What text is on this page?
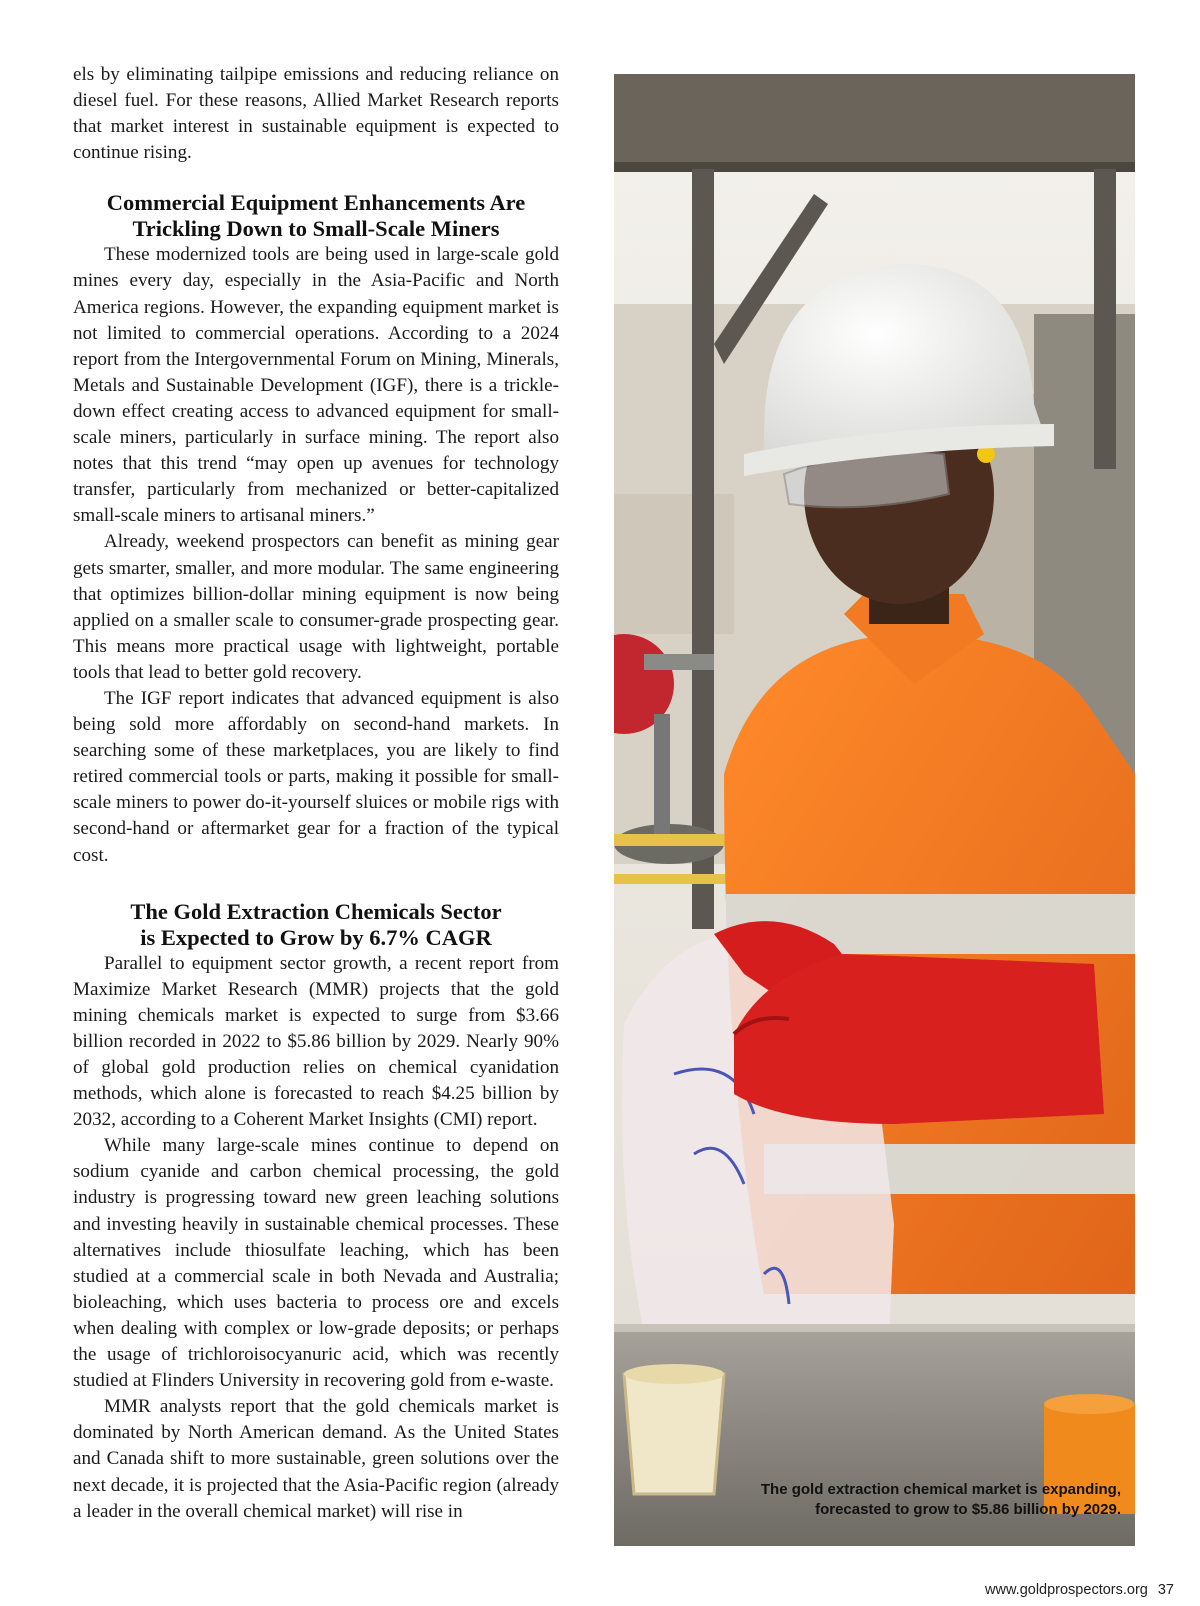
els by eliminating tailpipe emissions and reducing reliance on diesel fuel. For these reasons, Allied Market Research reports that market interest in sustainable equipment is expected to continue rising.

Commercial Equipment Enhancements Are
Trickling Down to Small-Scale Miners

These modernized tools are being used in large-scale gold mines every day, especially in the Asia-Pacific and North America regions. However, the expanding equipment market is not limited to commercial operations. According to a 2024 report from the Intergovernmental Forum on Mining, Minerals, Metals and Sustainable Development (IGF), there is a trickle-down effect creating access to advanced equipment for small-scale miners, particularly in surface mining. The report also notes that this trend “may open up avenues for technology transfer, particularly from mechanized or better-capitalized small-scale miners to artisanal miners.”

Already, weekend prospectors can benefit as mining gear gets smarter, smaller, and more modular. The same engineering that optimizes billion-dollar mining equipment is now being applied on a smaller scale to consumer-grade prospecting gear. This means more practical usage with lightweight, portable tools that lead to better gold recovery.

The IGF report indicates that advanced equipment is also being sold more affordably on second-hand markets. In searching some of these marketplaces, you are likely to find retired commercial tools or parts, making it possible for small-scale miners to power do-it-yourself sluices or mobile rigs with second-hand or aftermarket gear for a fraction of the typical cost.

The Gold Extraction Chemicals Sector
is Expected to Grow by 6.7% CAGR

Parallel to equipment sector growth, a recent report from Maximize Market Research (MMR) projects that the gold mining chemicals market is expected to surge from $3.66 billion recorded in 2022 to $5.86 billion by 2029. Nearly 90% of global gold production relies on chemical cyanidation methods, which alone is forecasted to reach $4.25 billion by 2032, according to a Coherent Market Insights (CMI) report.

While many large-scale mines continue to depend on sodium cyanide and carbon chemical processing, the gold industry is progressing toward new green leaching solutions and investing heavily in sustainable chemical processes. These alternatives include thiosulfate leaching, which has been studied at a commercial scale in both Nevada and Australia; bioleaching, which uses bacteria to process ore and excels when dealing with complex or low-grade deposits; or perhaps the usage of trichloroisocyanuric acid, which was recently studied at Flinders University in recovering gold from e-waste.

MMR analysts report that the gold chemicals market is dominated by North American demand. As the United States and Canada shift to more sustainable, green solutions over the next decade, it is projected that the Asia-Pacific region (already a leader in the overall chemical market) will rise in

The gold extraction chemical market is expanding,
forecasted to grow to $5.86 billion by 2029.
www.goldprospectors.org 37
